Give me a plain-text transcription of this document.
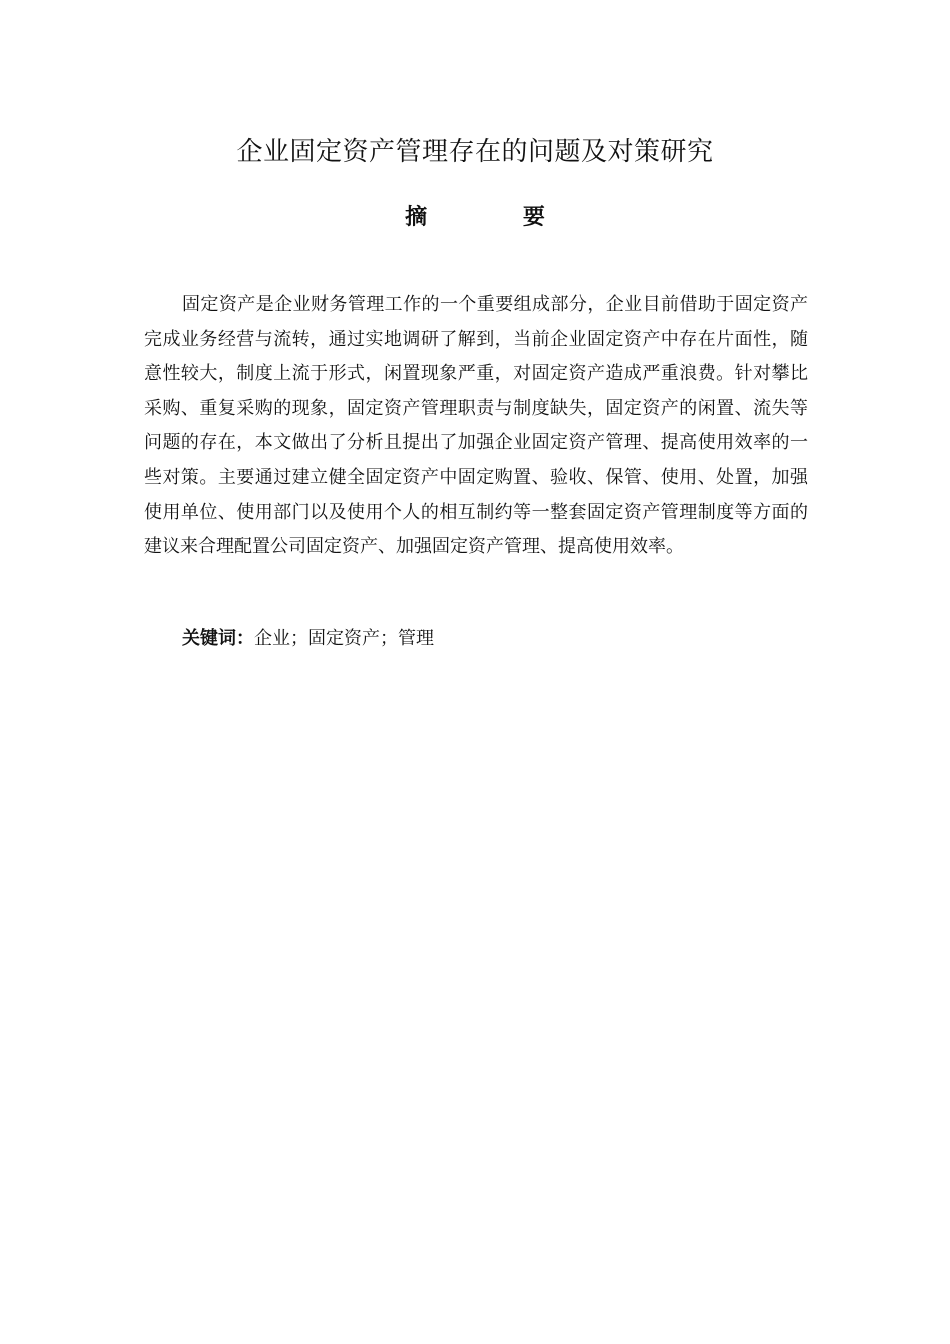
企业固定资产管理存在的问题及对策研究
摘 要

固定资产是企业财务管理工作的一个重要组成部分，企业目前借助于固定资产完成业务经营与流转，通过实地调研了解到，当前企业固定资产中存在片面性，随意性较大，制度上流于形式，闲置现象严重，对固定资产造成严重浪费。针对攀比采购、重复采购的现象，固定资产管理职责与制度缺失，固定资产的闲置、流失等问题的存在，本文做出了分析且提出了加强企业固定资产管理、提高使用效率的一些对策。主要通过建立健全固定资产中固定购置、验收、保管、使用、处置，加强使用单位、使用部门以及使用个人的相互制约等一整套固定资产管理制度等方面的建议来合理配置公司固定资产、加强固定资产管理、提高使用效率。

关键词：企业；固定资产；管理
